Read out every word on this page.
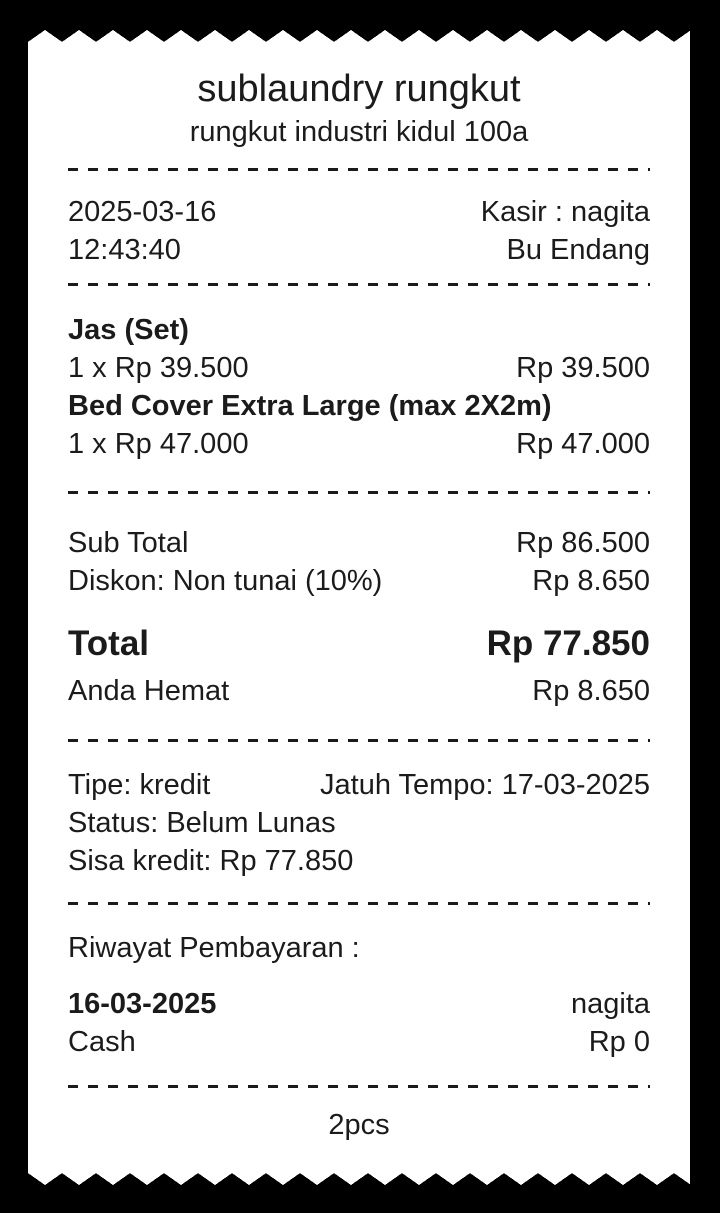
sublaundry rungkut
rungkut industri kidul 100a
2025-03-16	Kasir : nagita
12:43:40	Bu Endang
Jas (Set)
1 x Rp 39.500	Rp 39.500
Bed Cover Extra Large (max 2X2m)
1 x Rp 47.000	Rp 47.000
Sub Total	Rp 86.500
Diskon: Non tunai (10%)	Rp 8.650
Total	Rp 77.850
Anda Hemat	Rp 8.650
Tipe: kredit	Jatuh Tempo: 17-03-2025
Status: Belum Lunas
Sisa kredit: Rp 77.850
Riwayat Pembayaran :
16-03-2025	nagita
Cash	Rp 0
2pcs
